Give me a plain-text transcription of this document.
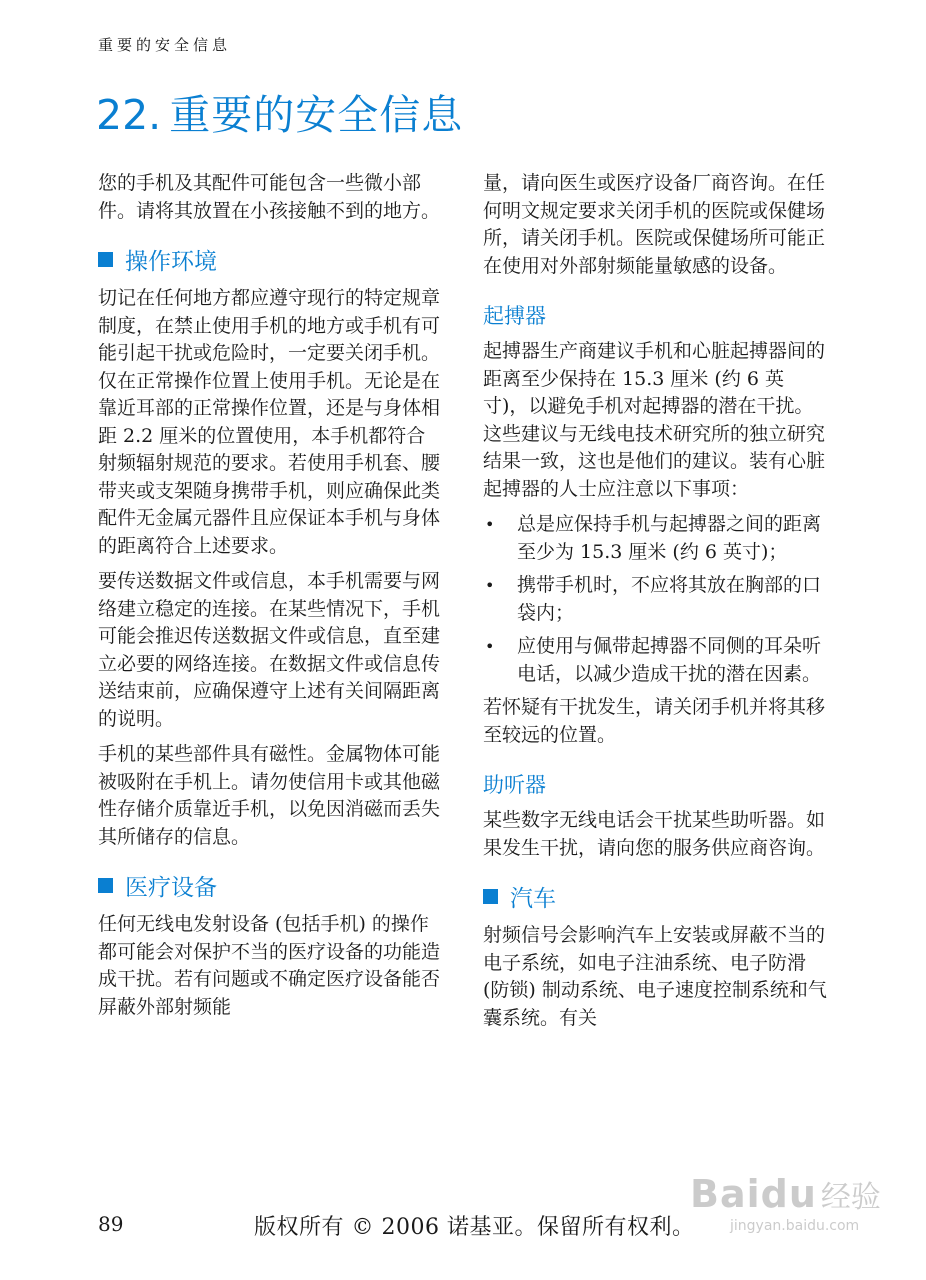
重要的安全信息
22. 重要的安全信息

您的手机及其配件可能包含一些微小部件。请将其放置在小孩接触不到的地方。

操作环境

切记在任何地方都应遵守现行的特定规章制度，在禁止使用手机的地方或手机有可能引起干扰或危险时，一定要关闭手机。仅在正常操作位置上使用手机。无论是在靠近耳部的正常操作位置，还是与身体相距 2.2 厘米的位置使用，本手机都符合射频辐射规范的要求。若使用手机套、腰带夹或支架随身携带手机，则应确保此类配件无金属元器件且应保证本手机与身体的距离符合上述要求。

要传送数据文件或信息，本手机需要与网络建立稳定的连接。在某些情况下，手机可能会推迟传送数据文件或信息，直至建立必要的网络连接。在数据文件或信息传送结束前，应确保遵守上述有关间隔距离的说明。

手机的某些部件具有磁性。金属物体可能被吸附在手机上。请勿使信用卡或其他磁性存储介质靠近手机，以免因消磁而丢失其所储存的信息。

医疗设备

任何无线电发射设备 (包括手机) 的操作都可能会对保护不当的医疗设备的功能造成干扰。若有问题或不确定医疗设备能否屏蔽外部射频能

量，请向医生或医疗设备厂商咨询。在任何明文规定要求关闭手机的医院或保健场所，请关闭手机。医院或保健场所可能正在使用对外部射频能量敏感的设备。

起搏器

起搏器生产商建议手机和心脏起搏器间的距离至少保持在 15.3 厘米 (约 6 英寸)，以避免手机对起搏器的潜在干扰。这些建议与无线电技术研究所的独立研究结果一致，这也是他们的建议。装有心脏起搏器的人士应注意以下事项：

• 总是应保持手机与起搏器之间的距离至少为 15.3 厘米 (约 6 英寸)；
• 携带手机时，不应将其放在胸部的口袋内；
• 应使用与佩带起搏器不同侧的耳朵听电话，以减少造成干扰的潜在因素。

若怀疑有干扰发生，请关闭手机并将其移至较远的位置。

助听器

某些数字无线电话会干扰某些助听器。如果发生干扰，请向您的服务供应商咨询。

汽车

射频信号会影响汽车上安装或屏蔽不当的电子系统，如电子注油系统、电子防滑 (防锁) 制动系统、电子速度控制系统和气囊系统。有关

89	版权所有 © 2006 诺基亚。保留所有权利。
Baidu 经验
jingyan.baidu.com
